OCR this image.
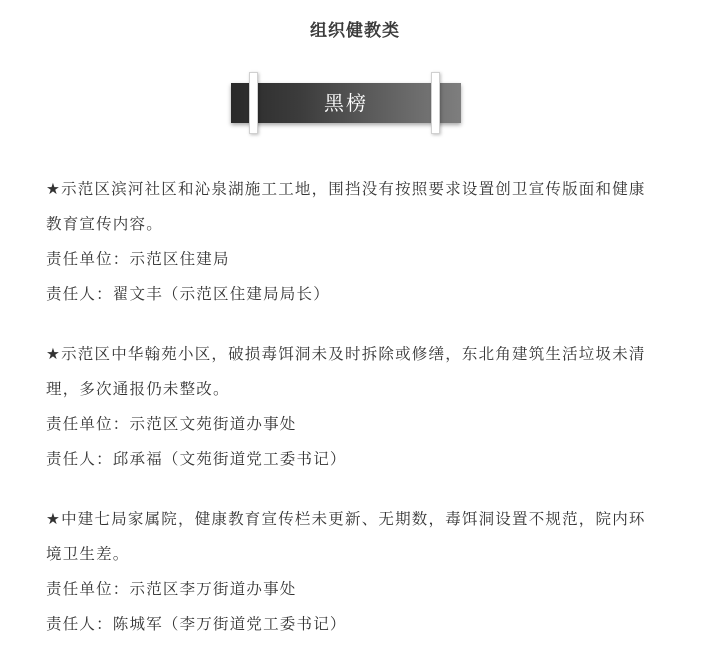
组织健教类
黑榜

★示范区滨河社区和沁泉湖施工工地，围挡没有按照要求设置创卫宣传版面和健康教育宣传内容。

责任单位：示范区住建局

责任人：翟文丰（示范区住建局局长）

★示范区中华翰苑小区，破损毒饵洞未及时拆除或修缮，东北角建筑生活垃圾未清理，多次通报仍未整改。

责任单位：示范区文苑街道办事处

责任人：邱承福（文苑街道党工委书记）

★中建七局家属院，健康教育宣传栏未更新、无期数，毒饵洞设置不规范，院内环境卫生差。

责任单位：示范区李万街道办事处

责任人：陈城军（李万街道党工委书记）
